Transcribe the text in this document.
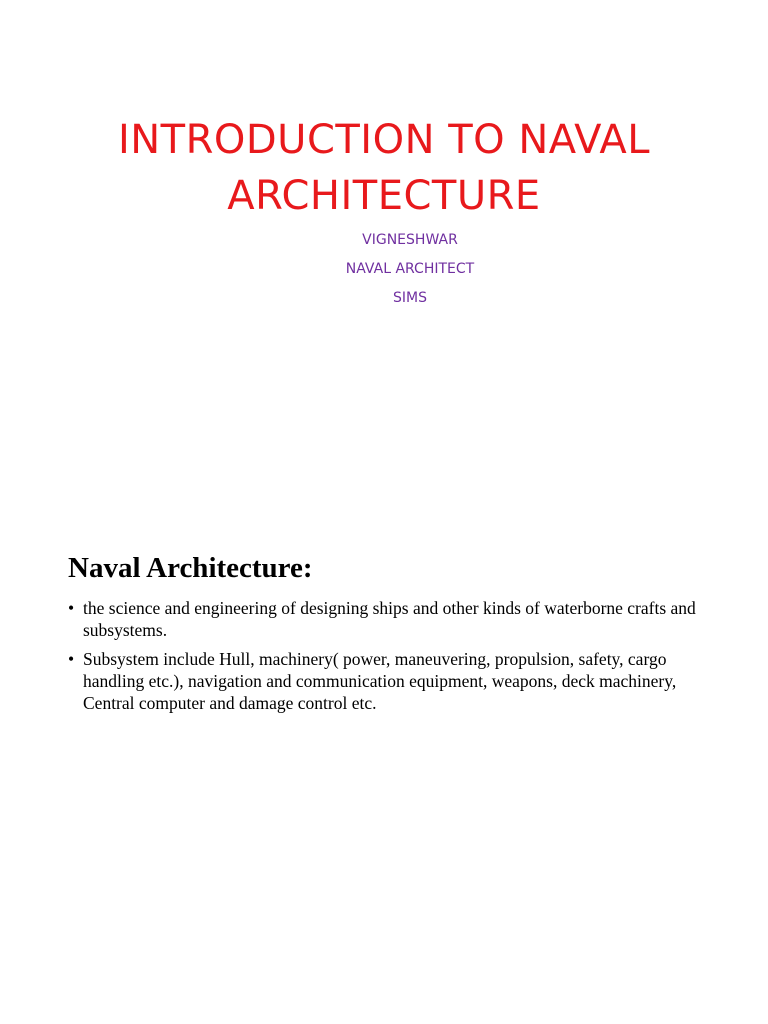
INTRODUCTION TO NAVAL
ARCHITECTURE
VIGNESHWAR
NAVAL ARCHITECT
SIMS
Naval Architecture:
• the science and engineering of designing ships and other kinds of waterborne crafts and subsystems.
• Subsystem include Hull, machinery( power, maneuvering, propulsion, safety, cargo handling etc.), navigation and communication equipment, weapons, deck machinery, Central computer and damage control etc.
